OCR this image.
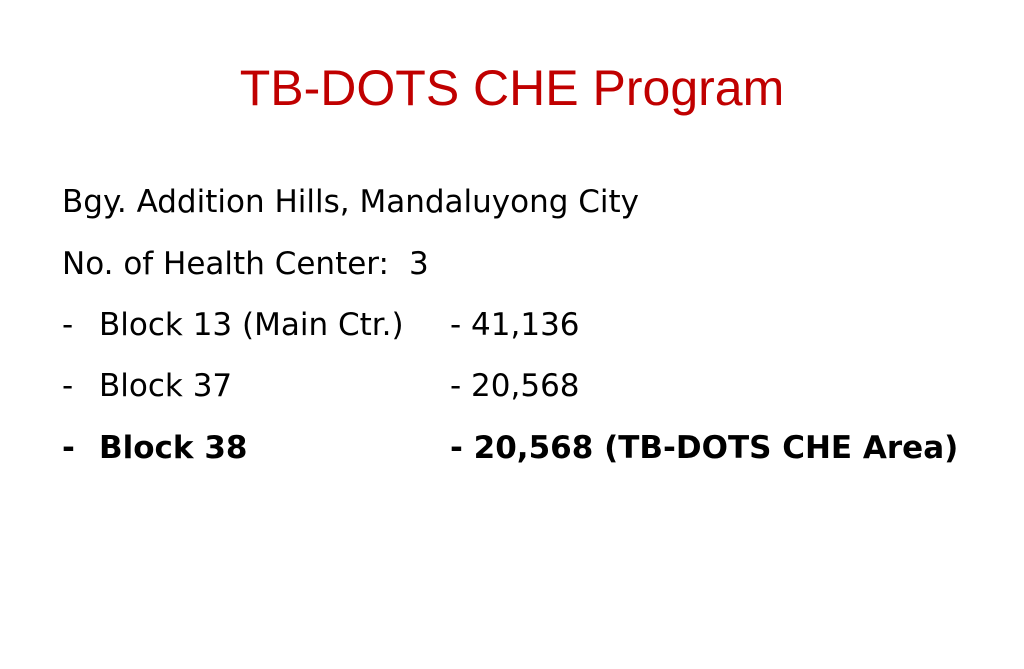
TB-DOTS CHE Program
Bgy. Addition Hills, Mandaluyong City
No. of Health Center: 3
- Block 13 (Main Ctr.) - 41,136
- Block 37	- 20,568
- Block 38	- 20,568 (TB-DOTS CHE Area)
